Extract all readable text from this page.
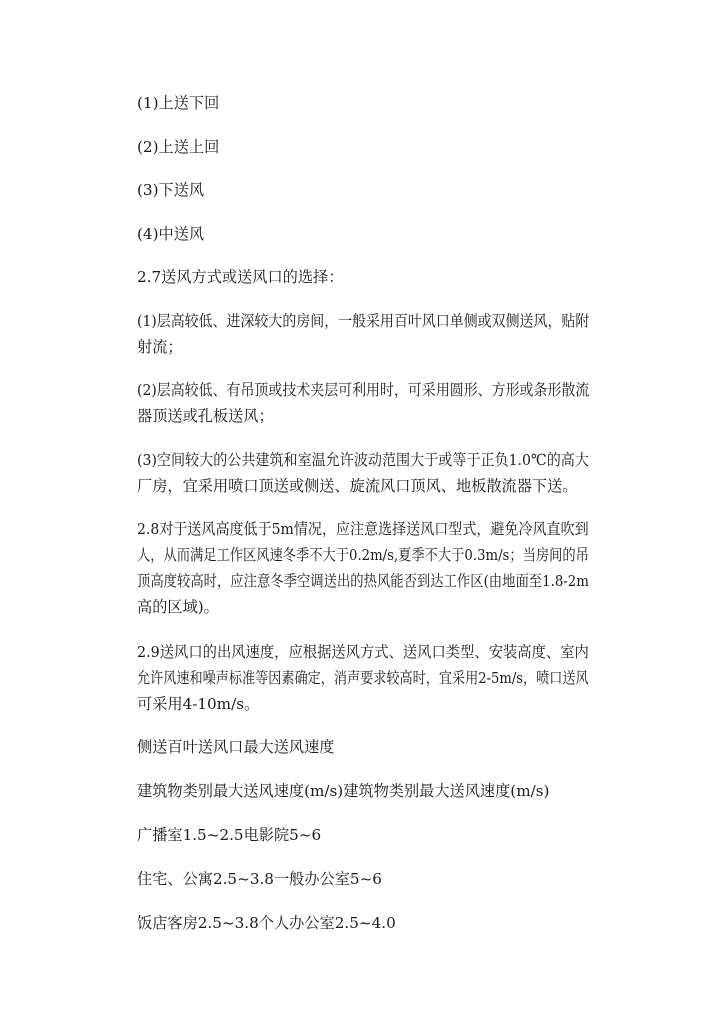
(1)上送下回

(2)上送上回

(3)下送风

(4)中送风

2.7送风方式或送风口的选择：

(1)层高较低、进深较大的房间，一般采用百叶风口单侧或双侧送风，贴附
射流；

(2)层高较低、有吊顶或技术夹层可利用时，可采用圆形、方形或条形散流
器顶送或孔板送风；

(3)空间较大的公共建筑和室温允许波动范围大于或等于正负1.0℃的高大
厂房，宜采用喷口顶送或侧送、旋流风口顶风、地板散流器下送。

2.8对于送风高度低于5m情况，应注意选择送风口型式，避免冷风直吹到
人，从而满足工作区风速冬季不大于0.2m/s,夏季不大于0.3m/s；当房间的吊
顶高度较高时，应注意冬季空调送出的热风能否到达工作区(由地面至1.8-2m
高的区域)。

2.9送风口的出风速度，应根据送风方式、送风口类型、安装高度、室内
允许风速和噪声标准等因素确定，消声要求较高时，宜采用2-5m/s，喷口送风
可采用4-10m/s。

侧送百叶送风口最大送风速度

建筑物类别最大送风速度(m/s)建筑物类别最大送风速度(m/s)

广播室1.5~2.5电影院5~6

住宅、公寓2.5~3.8一般办公室5~6

饭店客房2.5~3.8个人办公室2.5~4.0
